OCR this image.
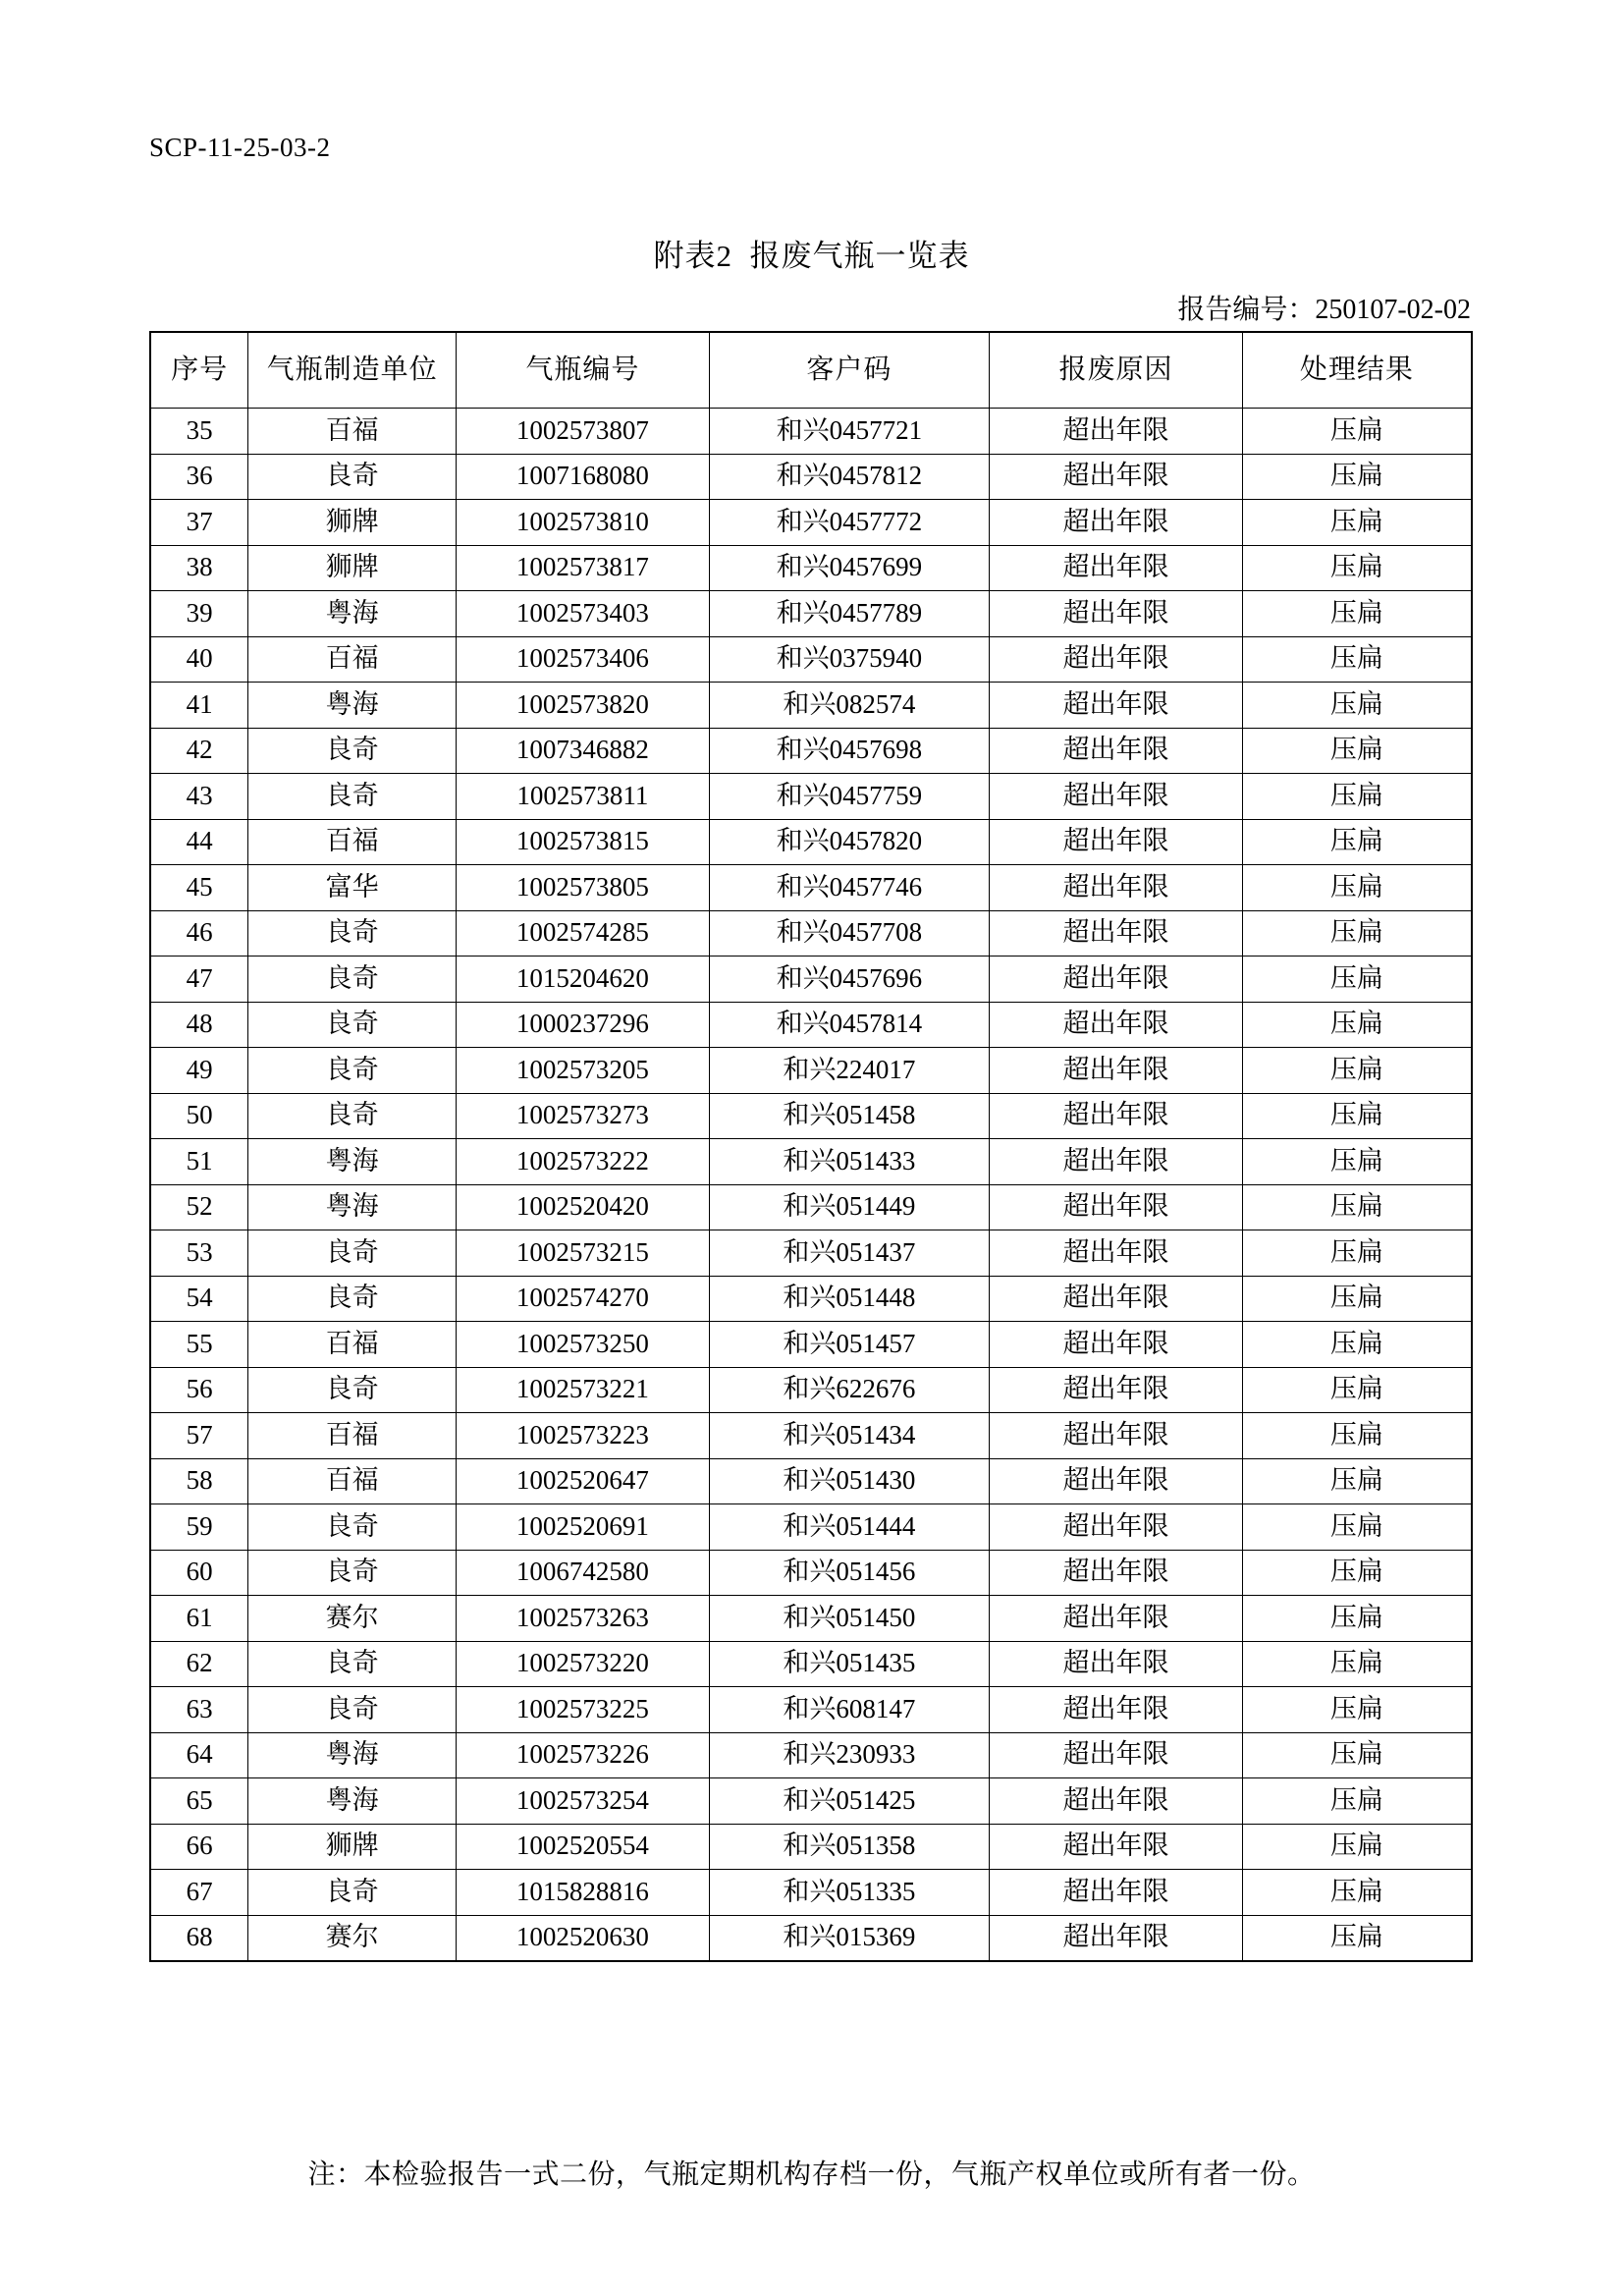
SCP-11-25-03-2
附表2  报废气瓶一览表
报告编号：250107-02-02
序号	气瓶制造单位	气瓶编号	客户码	报废原因	处理结果
35	百福	1002573807	和兴0457721	超出年限	压扁
36	良奇	1007168080	和兴0457812	超出年限	压扁
37	狮牌	1002573810	和兴0457772	超出年限	压扁
38	狮牌	1002573817	和兴0457699	超出年限	压扁
39	粤海	1002573403	和兴0457789	超出年限	压扁
40	百福	1002573406	和兴0375940	超出年限	压扁
41	粤海	1002573820	和兴082574	超出年限	压扁
42	良奇	1007346882	和兴0457698	超出年限	压扁
43	良奇	1002573811	和兴0457759	超出年限	压扁
44	百福	1002573815	和兴0457820	超出年限	压扁
45	富华	1002573805	和兴0457746	超出年限	压扁
46	良奇	1002574285	和兴0457708	超出年限	压扁
47	良奇	1015204620	和兴0457696	超出年限	压扁
48	良奇	1000237296	和兴0457814	超出年限	压扁
49	良奇	1002573205	和兴224017	超出年限	压扁
50	良奇	1002573273	和兴051458	超出年限	压扁
51	粤海	1002573222	和兴051433	超出年限	压扁
52	粤海	1002520420	和兴051449	超出年限	压扁
53	良奇	1002573215	和兴051437	超出年限	压扁
54	良奇	1002574270	和兴051448	超出年限	压扁
55	百福	1002573250	和兴051457	超出年限	压扁
56	良奇	1002573221	和兴622676	超出年限	压扁
57	百福	1002573223	和兴051434	超出年限	压扁
58	百福	1002520647	和兴051430	超出年限	压扁
59	良奇	1002520691	和兴051444	超出年限	压扁
60	良奇	1006742580	和兴051456	超出年限	压扁
61	赛尔	1002573263	和兴051450	超出年限	压扁
62	良奇	1002573220	和兴051435	超出年限	压扁
63	良奇	1002573225	和兴608147	超出年限	压扁
64	粤海	1002573226	和兴230933	超出年限	压扁
65	粤海	1002573254	和兴051425	超出年限	压扁
66	狮牌	1002520554	和兴051358	超出年限	压扁
67	良奇	1015828816	和兴051335	超出年限	压扁
68	赛尔	1002520630	和兴015369	超出年限	压扁
注：本检验报告一式二份，气瓶定期机构存档一份，气瓶产权单位或所有者一份。
